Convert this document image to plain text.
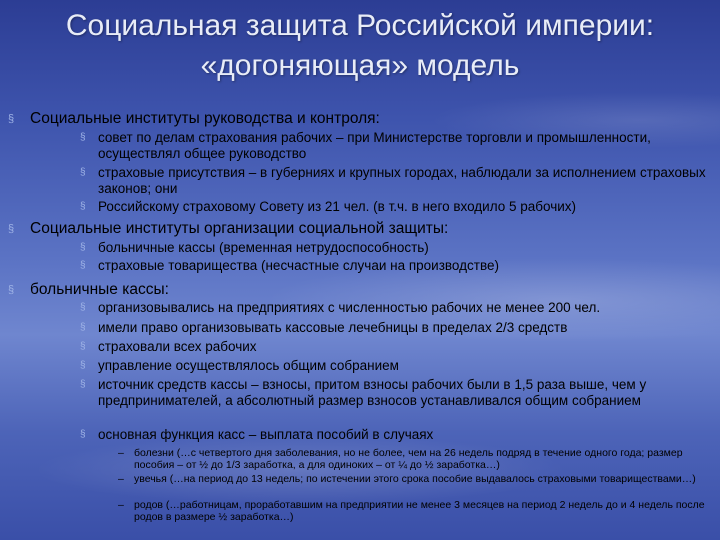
Социальная защита Российской империи:
«догоняющая» модель
§	Социальные институты руководства и контроля:
§ совет по делам страхования рабочих – при Министерстве торговли и промышленности, осуществлял общее руководство
§ страховые присутствия – в губерниях и крупных городах, наблюдали за исполнением страховых законов; они
§ Российскому страховому Совету из 21 чел. (в т.ч. в него входило 5 рабочих)
§	Социальные институты организации социальной защиты:
§ больничные кассы (временная нетрудоспособность)
§ страховые товарищества (несчастные случаи на производстве)
§	больничные кассы:
§ организовывались на предприятиях с численностью рабочих не менее 200 чел.
§ имели право организовывать кассовые лечебницы в пределах 2/3 средств
§ страховали всех рабочих
§ управление осуществлялось общим собранием
§ источник средств кассы – взносы, притом взносы рабочих были в 1,5 раза выше, чем у предпринимателей, а абсолютный размер взносов устанавливался общим собранием
§ основная функция касс – выплата пособий в случаях
– болезни (…с четвертого дня заболевания, но не более, чем на 26 недель подряд в течение одного года; размер пособия – от ½ до 1/3 заработка, а для одиноких – от ¼ до ½ заработка…)
– увечья (…на период до 13 недель; по истечении этого срока пособие выдавалось страховыми товариществами…)
– родов (…работницам, проработавшим на предприятии не менее 3 месяцев на период 2 недель до и 4 недель после родов в размере ½ заработка…)
